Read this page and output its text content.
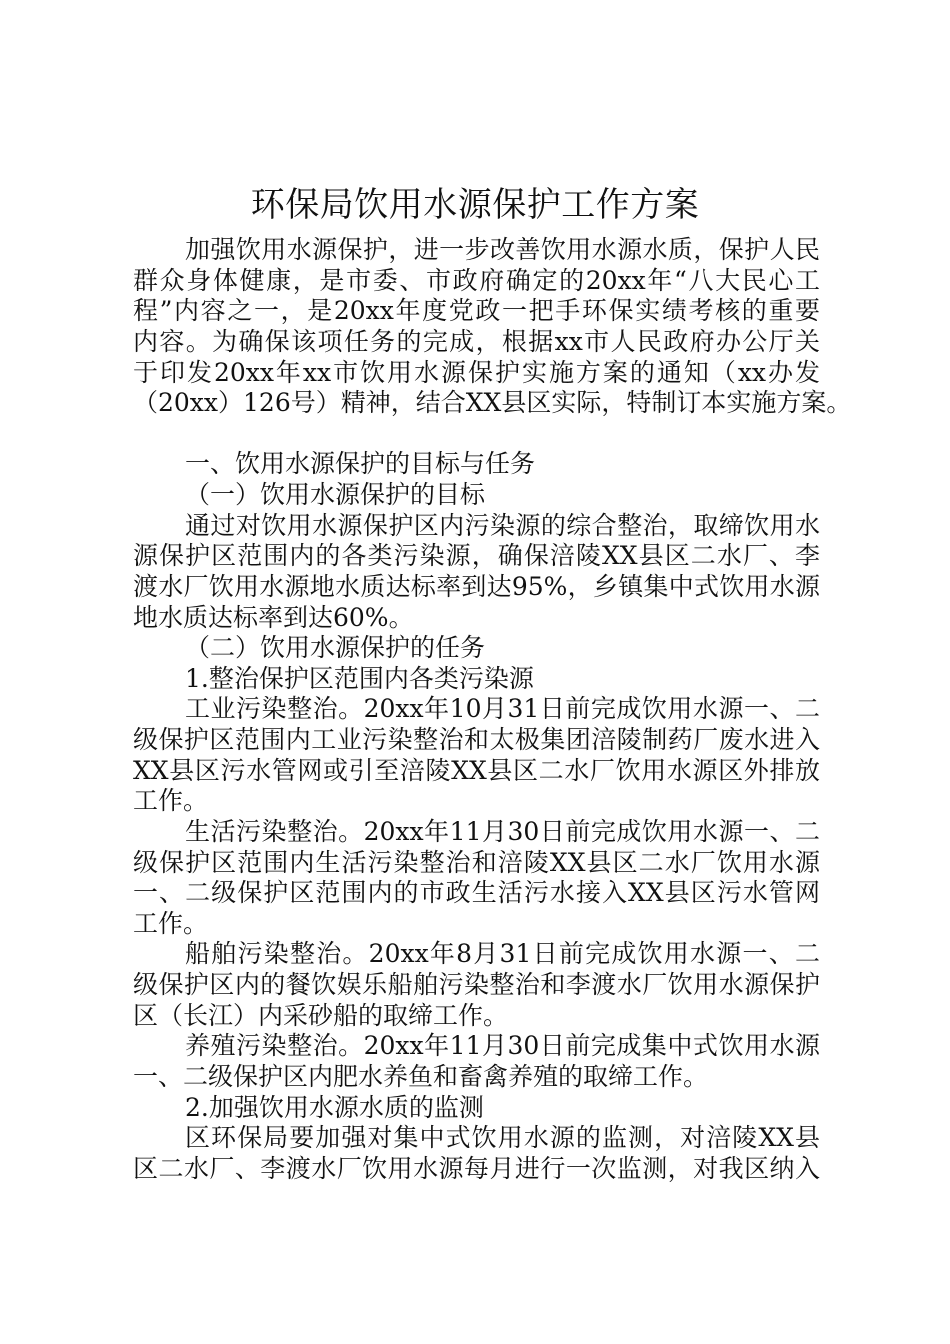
环保局饮用水源保护工作方案
加强饮用水源保护，进一步改善饮用水源水质，保护人民
群众身体健康，是市委、市政府确定的20xx年“八大民心工
程”内容之一，是20xx年度党政一把手环保实绩考核的重要
内容。为确保该项任务的完成，根据xx市人民政府办公厅关
于印发20xx年xx市饮用水源保护实施方案的通知（xx办发
（20xx）126号）精神，结合XX县区实际，特制订本实施方案。
一、饮用水源保护的目标与任务
（一）饮用水源保护的目标
通过对饮用水源保护区内污染源的综合整治，取缔饮用水
源保护区范围内的各类污染源，确保涪陵XX县区二水厂、李
渡水厂饮用水源地水质达标率到达95%，乡镇集中式饮用水源
地水质达标率到达60%。
（二）饮用水源保护的任务
1.整治保护区范围内各类污染源
工业污染整治。20xx年10月31日前完成饮用水源一、二
级保护区范围内工业污染整治和太极集团涪陵制药厂废水进入
XX县区污水管网或引至涪陵XX县区二水厂饮用水源区外排放
工作。
生活污染整治。20xx年11月30日前完成饮用水源一、二
级保护区范围内生活污染整治和涪陵XX县区二水厂饮用水源
一、二级保护区范围内的市政生活污水接入XX县区污水管网
工作。
船舶污染整治。20xx年8月31日前完成饮用水源一、二
级保护区内的餐饮娱乐船舶污染整治和李渡水厂饮用水源保护
区（长江）内采砂船的取缔工作。
养殖污染整治。20xx年11月30日前完成集中式饮用水源
一、二级保护区内肥水养鱼和畜禽养殖的取缔工作。
2.加强饮用水源水质的监测
区环保局要加强对集中式饮用水源的监测，对涪陵XX县
区二水厂、李渡水厂饮用水源每月进行一次监测，对我区纳入
